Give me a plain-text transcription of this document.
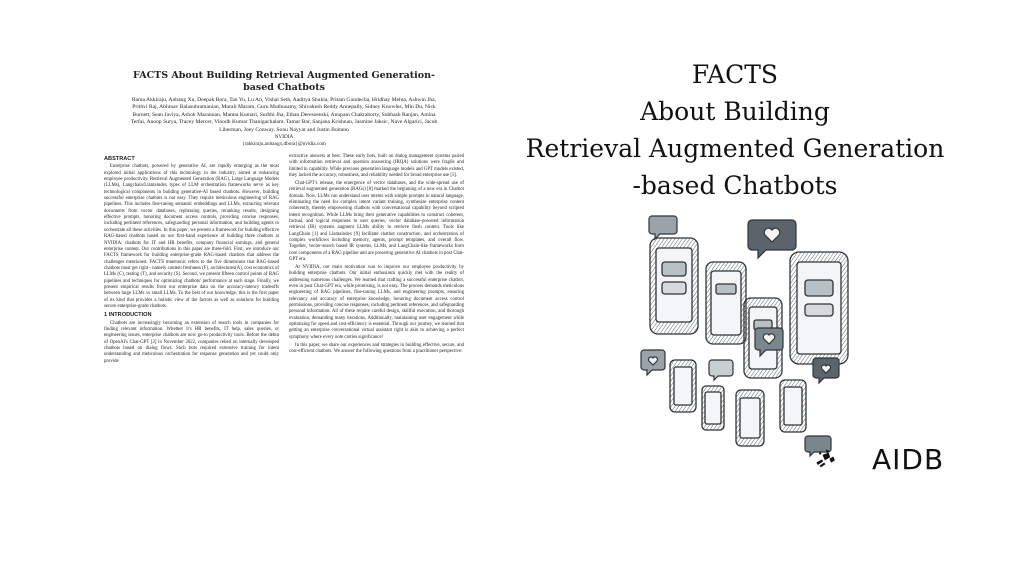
FACTS About Building Retrieval Augmented Generation-based Chatbots
Rama Akkiraju, Anbang Xu, Deepak Bora, Tan Yu, Lu An, Vishal Seth, Aaditya Shukla, Pritam Gundecha, Hridhay Mehta, Ashwin Jha, Prithvi Raj, Abhinav Balasubramanian, Murali Maram, Guru Muthusamy, Shivakesh Reddy Annepally, Sidney Knowles, Min Du, Nick Burnett, Sean Javiya, Ashok Marannan, Mamta Kumari, Surbhi Jha, Ethan Dereszenski, Anupam Chakraborty, Subhash Ranjan, Amina Terfai, Anoop Surya, Tracey Mercer, Vinodh Kumar Thanigachalam, Tamar Bar, Sanjana Krishnan, Jasmine Jaksic, Nave Algarici, Jacob Liberman, Joey Conway, Sonu Nayyar and Justin Boitano
NVIDIA
{rakkiraju,anbangx,dbora}@nvidia.com
ABSTRACT

Enterprise chatbots, powered by generative AI, are rapidly emerging as the most explored initial applications of this technology in the industry, aimed at enhancing employee productivity. Retrieval Augmented Generation (RAG), Large Language Models (LLMs), Langchain/Llamaindex types of LLM orchestration frameworks serve as key technological components in building generative-AI based chatbots. However, building successful enterprise chatbots is not easy. They require meticulous engineering of RAG pipelines. This includes fine-tuning semantic embeddings and LLMs, extracting relevant documents from vector databases, rephrasing queries, reranking results, designing effective prompts, honoring document access controls, providing concise responses, including pertinent references, safeguarding personal information, and building agents to orchestrate all these activities. In this paper, we present a framework for building effective RAG-based chatbots based on our first-hand experience of building three chatbots at NVIDIA: chatbots for IT and HR benefits, company financial earnings, and general enterprise content. Our contributions in this paper are three-fold. First, we introduce our FACTS framework for building enterprise-grade RAG-based chatbots that address the challenges mentioned. FACTS mnemonic refers to the five dimensions that RAG-based chatbots must get right - namely content freshness (F), architectures(A), cost economics of LLMs (C), testing (T), and security (S). Second, we present fifteen control points of RAG pipelines and techniques for optimizing chatbots' performance at each stage. Finally, we present empirical results from our enterprise data on the accuracy-latency tradeoffs between large LLMs vs small LLMs. To the best of our knowledge, this is the first paper of its kind that provides a holistic view of the factors as well as solutions for building secure enterprise-grade chatbots.

1 INTRODUCTION

Chatbots are increasingly becoming an extension of search tools in companies for finding relevant information. Whether it's HR benefits, IT help, sales queries, or engineering issues, enterprise chatbots are now go-to productivity tools. Before the debut of OpenAI's Chat-GPT [2] in November 2022, companies relied on internally developed chatbots based on dialog flows. Such bots required extensive training for intent understanding and meticulous orchestration for response generation and yet could only provide

extractive answers at best. These early bots, built on dialog management systems paired with information retrieval and question answering (IRQA) solutions were fragile and limited in capability. While previous generation language models and GPT models existed, they lacked the accuracy, robustness, and reliability needed for broad enterprise use [5].

Chat-GPT's release, the emergence of vector databases, and the wide-spread use of retrieval augmented generation (RAGs) [8] marked the beginning of a new era in Chatbot domain. Now, LLMs can understand user intents with simple prompts in natural language, eliminating the need for complex intent variant training, synthesize enterprise content coherently, thereby empowering chatbots with conversational capability beyond scripted intent recognition. While LLMs bring their generative capabilities to construct coherent, factual, and logical responses to user queries, vector database-powered information retrieval (IR) systems augment LLMs ability to retrieve fresh content. Tools like LangChain [1] and Llamaindex [9] facilitate chatbot construction, and orchestration of complex workflows including memory, agents, prompt templates, and overall flow. Together, vector-search based IR systems, LLMs, and LangChain-like frameworks form core components of a RAG pipeline and are powering generative AI chatbots in post Chat-GPT era.

At NVIDIA, our main motivation was to improve our employee productivity by building enterprise chatbots. Our initial enthusiasm quickly met with the reality of addressing numerous challenges. We learned that crafting a successful enterprise chatbot, even in post Chat-GPT era, while promising, is not easy. The process demands meticulous engineering of RAG pipelines, fine-tuning LLMs, and engineering prompts, ensuring relevancy and accuracy of enterprise knowledge, honoring document access control permissions, providing concise responses, including pertinent references, and safeguarding personal information. All of these require careful design, skillful execution, and thorough evaluation, demanding many iterations. Additionally, maintaining user engagement while optimizing for speed and cost-efficiency is essential. Through our journey, we learned that getting an enterprise conversational virtual assistant right is akin to achieving a perfect symphony where every note carries significance!

In this paper, we share our experiences and strategies in building effective, secure, and cost-efficient chatbots. We answer the following questions from a practitioner perspective:

FACTS
About Building
Retrieval Augmented Generation
-based Chatbots
AIDB
